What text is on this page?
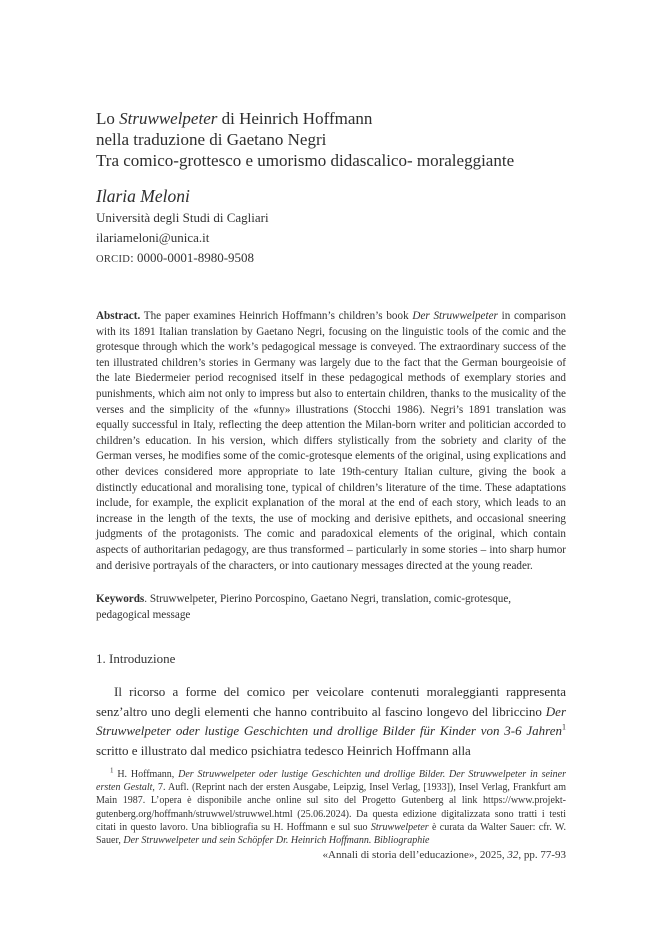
Lo Struwwelpeter di Heinrich Hoffmann
nella traduzione di Gaetano Negri
Tra comico-grottesco e umorismo didascalico- moraleggiante
Ilaria Meloni
Università degli Studi di Cagliari
ilariameloni@unica.it
ORCID: 0000-0001-8980-9508
Abstract. The paper examines Heinrich Hoffmann’s children’s book Der Struwwelpeter in comparison with its 1891 Italian translation by Gaetano Negri, focusing on the linguistic tools of the comic and the grotesque through which the work’s pedagogical message is conveyed. The extraordinary success of the ten illustrated children’s stories in Germany was largely due to the fact that the German bourgeoisie of the late Biedermeier period recognised itself in these pedagogical methods of exemplary stories and punishments, which aim not only to impress but also to entertain children, thanks to the musicality of the verses and the simplicity of the «funny» illustrations (Stocchi 1986). Negri’s 1891 translation was equally successful in Italy, reflecting the deep attention the Milan-born writer and politician accorded to children’s education. In his version, which differs stylistically from the sobriety and clarity of the German verses, he modifies some of the comic-grotesque elements of the original, using explications and other devices considered more appropriate to late 19th-century Italian culture, giving the book a distinctly educational and moralising tone, typical of children’s literature of the time. These adaptations include, for example, the explicit explanation of the moral at the end of each story, which leads to an increase in the length of the texts, the use of mocking and derisive epithets, and occasional sneering judgments of the protagonists. The comic and paradoxical elements of the original, which contain aspects of authoritarian pedagogy, are thus transformed – particularly in some stories – into sharp humor and derisive portrayals of the characters, or into cautionary messages directed at the young reader.
Keywords. Struwwelpeter, Pierino Porcospino, Gaetano Negri, translation, comic-grotesque, pedagogical message
1. Introduzione
Il ricorso a forme del comico per veicolare contenuti moraleggianti rappresenta senz’altro uno degli elementi che hanno contribuito al fascino longevo del libriccino Der Struwwelpeter oder lustige Geschichten und drollige Bilder für Kinder von 3-6 Jahren$^1$ scritto e illustrato dal medico psichiatra tedesco Heinrich Hoffmann alla
$^1$ H. Hoffmann, Der Struwwelpeter oder lustige Geschichten und drollige Bilder. Der Struwwelpeter in seiner ersten Gestalt, 7. Aufl. (Reprint nach der ersten Ausgabe, Leipzig, Insel Verlag, [1933]), Insel Verlag, Frankfurt am Main 1987. L’opera è disponibile anche online sul sito del Progetto Gutenberg al link https://www.projekt-gutenberg.org/hoffmanh/struwwel/struwwel.html (25.06.2024). Da questa edizione digitalizzata sono tratti i testi citati in questo lavoro. Una bibliografia su H. Hoffmann e sul suo Struwwelpeter è curata da Walter Sauer: cfr. W. Sauer, Der Struwwelpeter und sein Schöpfer Dr. Heinrich Hoffmann. Bibliographie
«Annali di storia dell’educazione», 2025, 32, pp. 77-93
